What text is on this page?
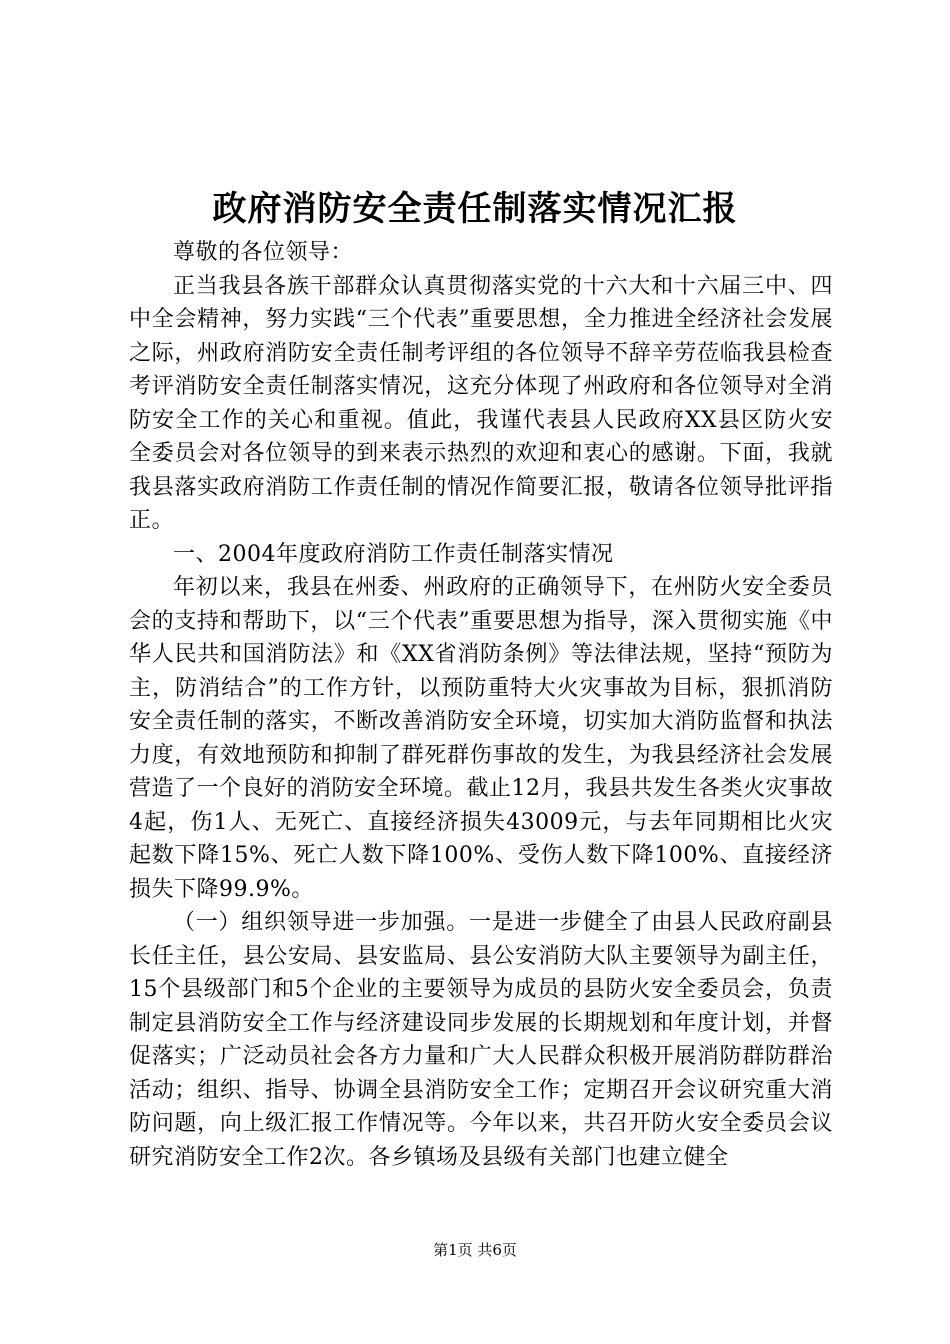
政府消防安全责任制落实情况汇报

尊敬的各位领导：

正当我县各族干部群众认真贯彻落实党的十六大和十六届三中、四中全会精神，努力实践“三个代表”重要思想，全力推进全经济社会发展之际，州政府消防安全责任制考评组的各位领导不辞辛劳莅临我县检查考评消防安全责任制落实情况，这充分体现了州政府和各位领导对全消防安全工作的关心和重视。值此，我谨代表县人民政府XX县区防火安全委员会对各位领导的到来表示热烈的欢迎和衷心的感谢。下面，我就我县落实政府消防工作责任制的情况作简要汇报，敬请各位领导批评指正。

一、2004年度政府消防工作责任制落实情况

年初以来，我县在州委、州政府的正确领导下，在州防火安全委员会的支持和帮助下，以“三个代表”重要思想为指导，深入贯彻实施《中华人民共和国消防法》和《XX省消防条例》等法律法规，坚持“预防为主，防消结合”的工作方针，以预防重特大火灾事故为目标，狠抓消防安全责任制的落实，不断改善消防安全环境，切实加大消防监督和执法力度，有效地预防和抑制了群死群伤事故的发生，为我县经济社会发展营造了一个良好的消防安全环境。截止12月，我县共发生各类火灾事故4起，伤1人、无死亡、直接经济损失43009元，与去年同期相比火灾起数下降15%、死亡人数下降100%、受伤人数下降100%、直接经济损失下降99.9%。

（一）组织领导进一步加强。一是进一步健全了由县人民政府副县长任主任，县公安局、县安监局、县公安消防大队主要领导为副主任，15个县级部门和5个企业的主要领导为成员的县防火安全委员会，负责制定县消防安全工作与经济建设同步发展的长期规划和年度计划，并督促落实；广泛动员社会各方力量和广大人民群众积极开展消防群防群治活动；组织、指导、协调全县消防安全工作；定期召开会议研究重大消防问题，向上级汇报工作情况等。今年以来，共召开防火安全委员会议研究消防安全工作2次。各乡镇场及县级有关部门也建立健全

第1页 共6页
